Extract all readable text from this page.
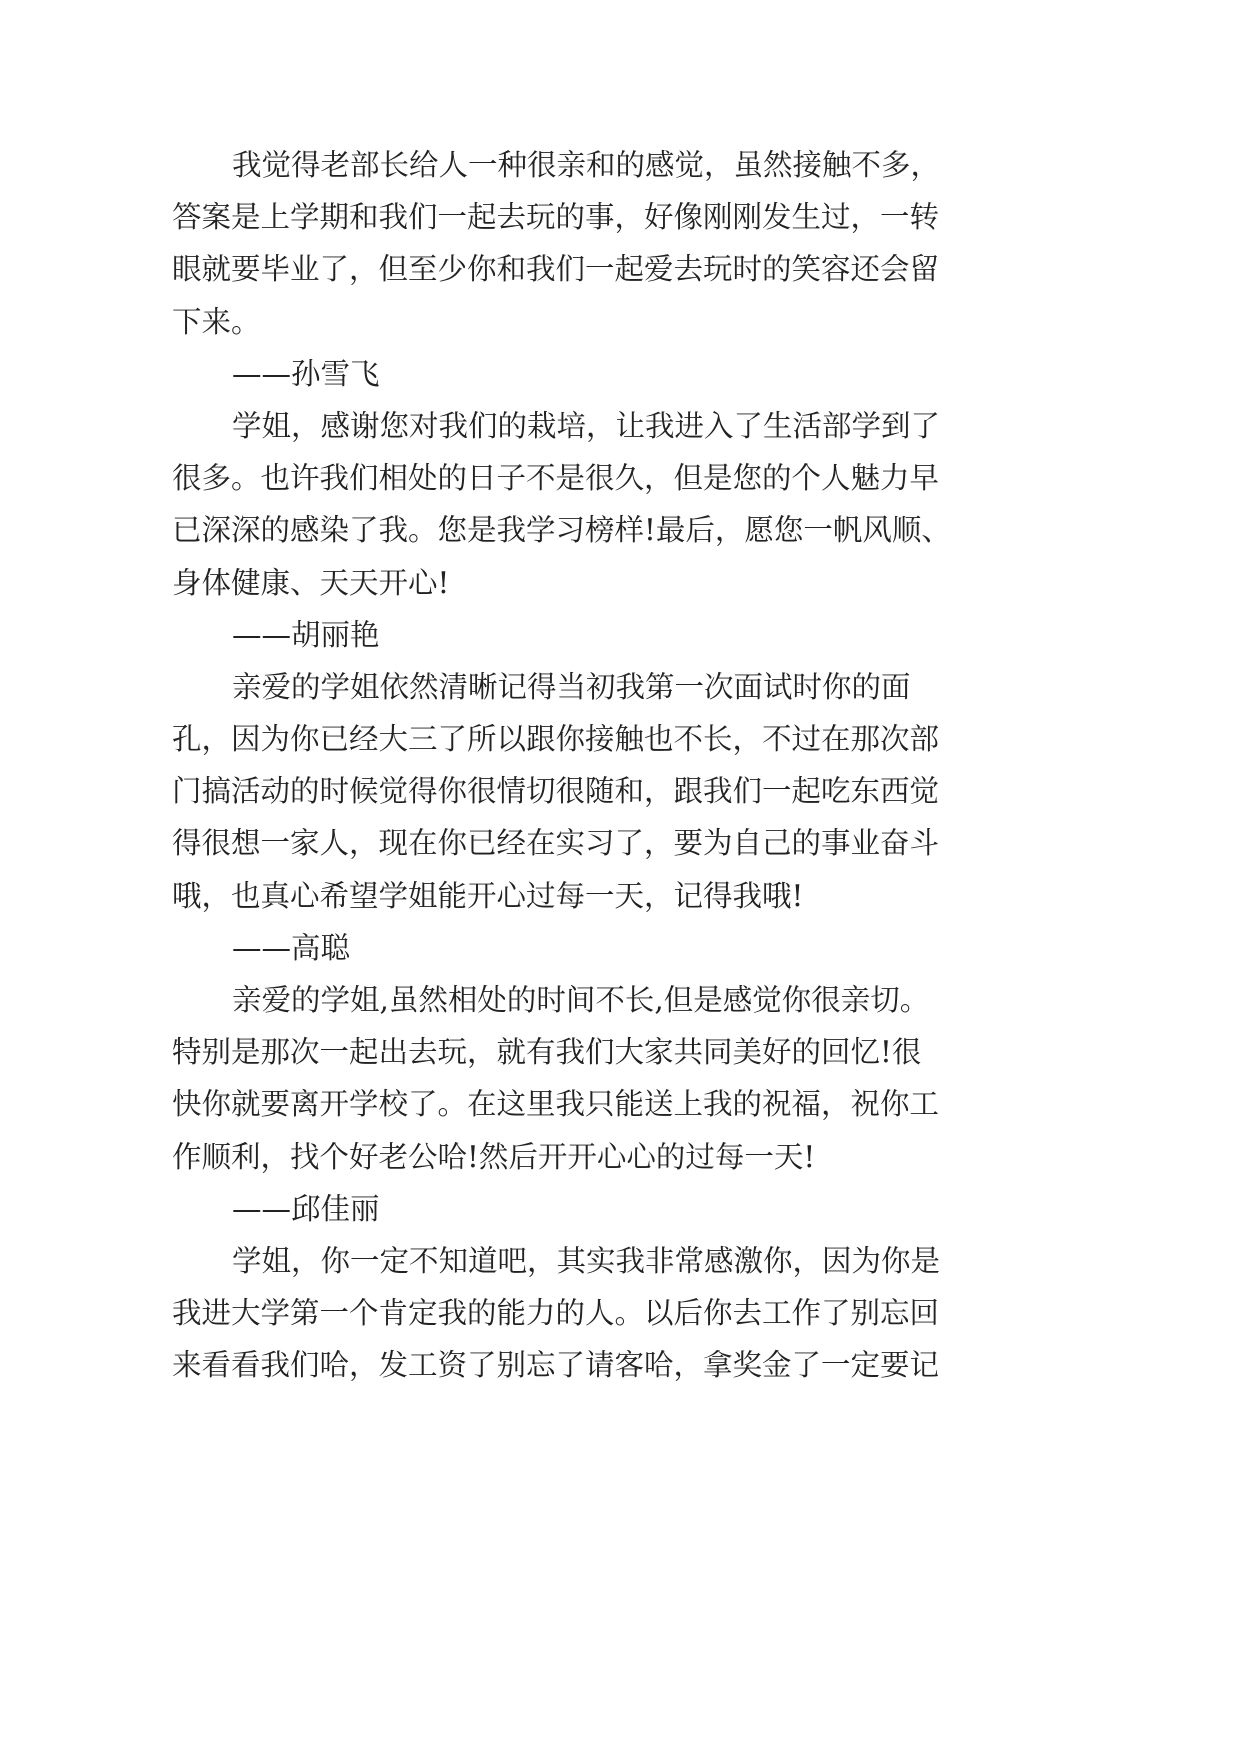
我觉得老部长给人一种很亲和的感觉，虽然接触不多，
答案是上学期和我们一起去玩的事，好像刚刚发生过，一转
眼就要毕业了，但至少你和我们一起爱去玩时的笑容还会留
下来。
——孙雪飞
学姐，感谢您对我们的栽培，让我进入了生活部学到了
很多。也许我们相处的日子不是很久，但是您的个人魅力早
已深深的感染了我。您是我学习榜样!最后，愿您一帆风顺、
身体健康、天天开心!
——胡丽艳
亲爱的学姐依然清晰记得当初我第一次面试时你的面
孔，因为你已经大三了所以跟你接触也不长，不过在那次部
门搞活动的时候觉得你很情切很随和，跟我们一起吃东西觉
得很想一家人，现在你已经在实习了，要为自己的事业奋斗
哦，也真心希望学姐能开心过每一天，记得我哦!
——高聪
亲爱的学姐,虽然相处的时间不长,但是感觉你很亲切。
特别是那次一起出去玩，就有我们大家共同美好的回忆!很
快你就要离开学校了。在这里我只能送上我的祝福，祝你工
作顺利，找个好老公哈!然后开开心心的过每一天!
——邱佳丽
学姐，你一定不知道吧，其实我非常感激你，因为你是
我进大学第一个肯定我的能力的人。以后你去工作了别忘回
来看看我们哈，发工资了别忘了请客哈，拿奖金了一定要记
